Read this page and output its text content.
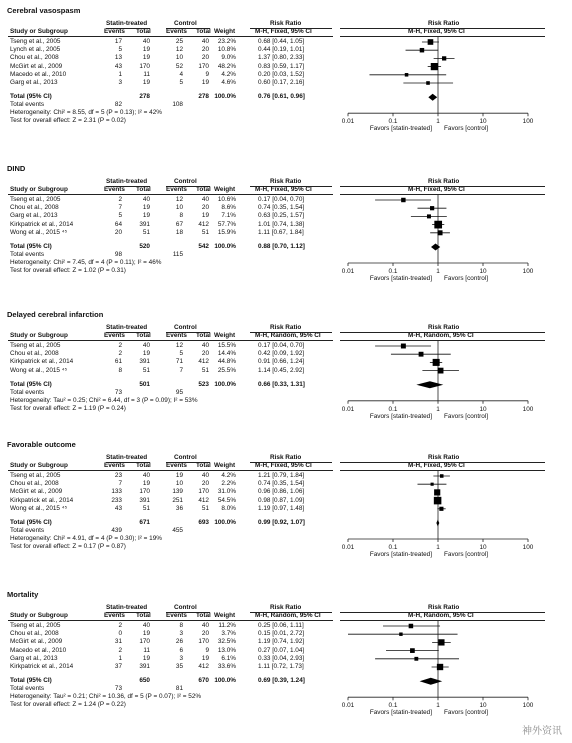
Cerebral vasospasm
Statin-treated	Control	Risk Ratio	Risk Ratio
Study or Subgroup	Events Total Events Total Weight	M-H, Fixed, 95% CI	M-H, Fixed, 95% CI
Tseng et al., 2005	17	40	25	40 23.2%	0.68 [0.44, 1.05]
Lynch et al., 2005	5	19	12	20 10.8%	0.44 [0.19, 1.01]
Chou et al., 2008	13	19	10	20 9.0%	1.37 [0.80, 2.33]
McGirt et al., 2009	43	170	52 170 48.2%	0.83 [0.59, 1.17]
Macedo et al., 2010	1	11	4	9 4.2%	0.20 [0.03, 1.52]
Garg et al., 2013	3	19	5	19 4.6%	0.60 [0.17, 2.16]
Total (95% CI)	278	278 100.0%	0.76 [0.61, 0.96]
Total events	82	108
Heterogeneity: Chi² = 8.55, df = 5 (P = 0.13); I² = 42%
Test for overall effect: Z = 2.31 (P = 0.02)	0.01	0.1	1	10	100
Favors [statin-treated] Favors [control]
DIND
Statin-treated	Control	Risk Ratio	Risk Ratio
Study or Subgroup	Events Total Events Total Weight	M-H, Fixed, 95% CI	M-H, Fixed, 95% CI
Tseng et al., 2005	2	40	12	40 10.6%	0.17 [0.04, 0.70]
Chou et al., 2008	7	19	10	20 8.6%	0.74 [0.35, 1.54]
Garg et al., 2013	5	19	8	19 7.1%	0.63 [0.25, 1.57]
Kirkpatrick et al., 2014	64	391	67 412 57.7%	1.01 [0.74, 1.38]
Wong et al., 2015 ⁴⁵	20	51	18	51 15.9%	1.11 [0.67, 1.84]
Total (95% CI)	520	542 100.0%	0.88 [0.70, 1.12]
Total events	98	115
Heterogeneity: Chi² = 7.45, df = 4 (P = 0.11); I² = 46%
Test for overall effect: Z = 1.02 (P = 0.31)	0.01	0.1	1	10	100
Favors [statin-treated] Favors [control]
Delayed cerebral infarction
Statin-treated	Control	Risk Ratio	Risk Ratio
Study or Subgroup	Events Total Events Total Weight	M-H, Random, 95% CI	M-H, Random, 95% CI
Tseng et al., 2005	2	40	12	40 15.5%	0.17 [0.04, 0.70]
Chou et al., 2008	2	19	5	20 14.4%	0.42 [0.09, 1.92]
Kirkpatrick et al., 2014	61	391	71 412 44.8%	0.91 [0.66, 1.24]
Wong et al., 2015 ⁴⁵	8	51	7	51 25.5%	1.14 [0.45, 2.92]
Total (95% CI)	501	523 100.0%	0.66 [0.33, 1.31]
Total events	73	95
Heterogeneity: Tau² = 0.25; Chi² = 6.44, df = 3 (P = 0.09); I² = 53%
Test for overall effect: Z = 1.19 (P = 0.24)	0.01	0.1	1	10	100
Favors [statin-treated] Favors [control]
Favorable outcome
Statin-treated	Control	Risk Ratio	Risk Ratio
Study or Subgroup	Events Total Events Total Weight	M-H, Fixed, 95% CI	M-H, Fixed, 95% CI
Tseng et al., 2005	23	40	19	40 4.2%	1.21 [0.79, 1.84]
Chou et al., 2008	7	19	10	20 2.2%	0.74 [0.35, 1.54]
McGirt et al., 2009	133	170	139 170 31.0%	0.96 [0.86, 1.06]
Kirkpatrick et al., 2014	233	391	251 412 54.5%	0.98 [0.87, 1.09]
Wong et al., 2015 ⁴⁵	43	51	36	51 8.0%	1.19 [0.97, 1.48]
Total (95% CI)	671	693 100.0%	0.99 [0.92, 1.07]
Total events	439	455
Heterogeneity: Chi² = 4.91, df = 4 (P = 0.30); I² = 19%
Test for overall effect: Z = 0.17 (P = 0.87)	0.01	0.1	1	10	100
Favors [statin-treated] Favors [control]
Mortality
Statin-treated	Control	Risk Ratio	Risk Ratio
Study or Subgroup	Events Total Events Total Weight	M-H, Random, 95% CI	M-H, Random, 95% CI
Tseng et al., 2005	2	40	8	40 11.2%	0.25 [0.06, 1.11]
Chou et al., 2008	0	19	3	20 3.7%	0.15 [0.01, 2.72]
McGirt et al., 2009	31	170	26 170 32.5%	1.19 [0.74, 1.92]
Macedo et al., 2010	2	11	6	9 13.0%	0.27 [0.07, 1.04]
Garg et al., 2013	1	19	3	19 6.1%	0.33 [0.04, 2.93]
Kirkpatrick et al., 2014	37	391	35 412 33.6%	1.11 [0.72, 1.73]
Total (95% CI)	650	670 100.0%	0.69 [0.39, 1.24]
Total events	73	81
Heterogeneity: Tau² = 0.21; Chi² = 10.36, df = 5 (P = 0.07); I² = 52%
Test for overall effect: Z = 1.24 (P = 0.22)	0.01	0.1	1	10	100
Favors [statin-treated] Favors [control]
神外资讯
